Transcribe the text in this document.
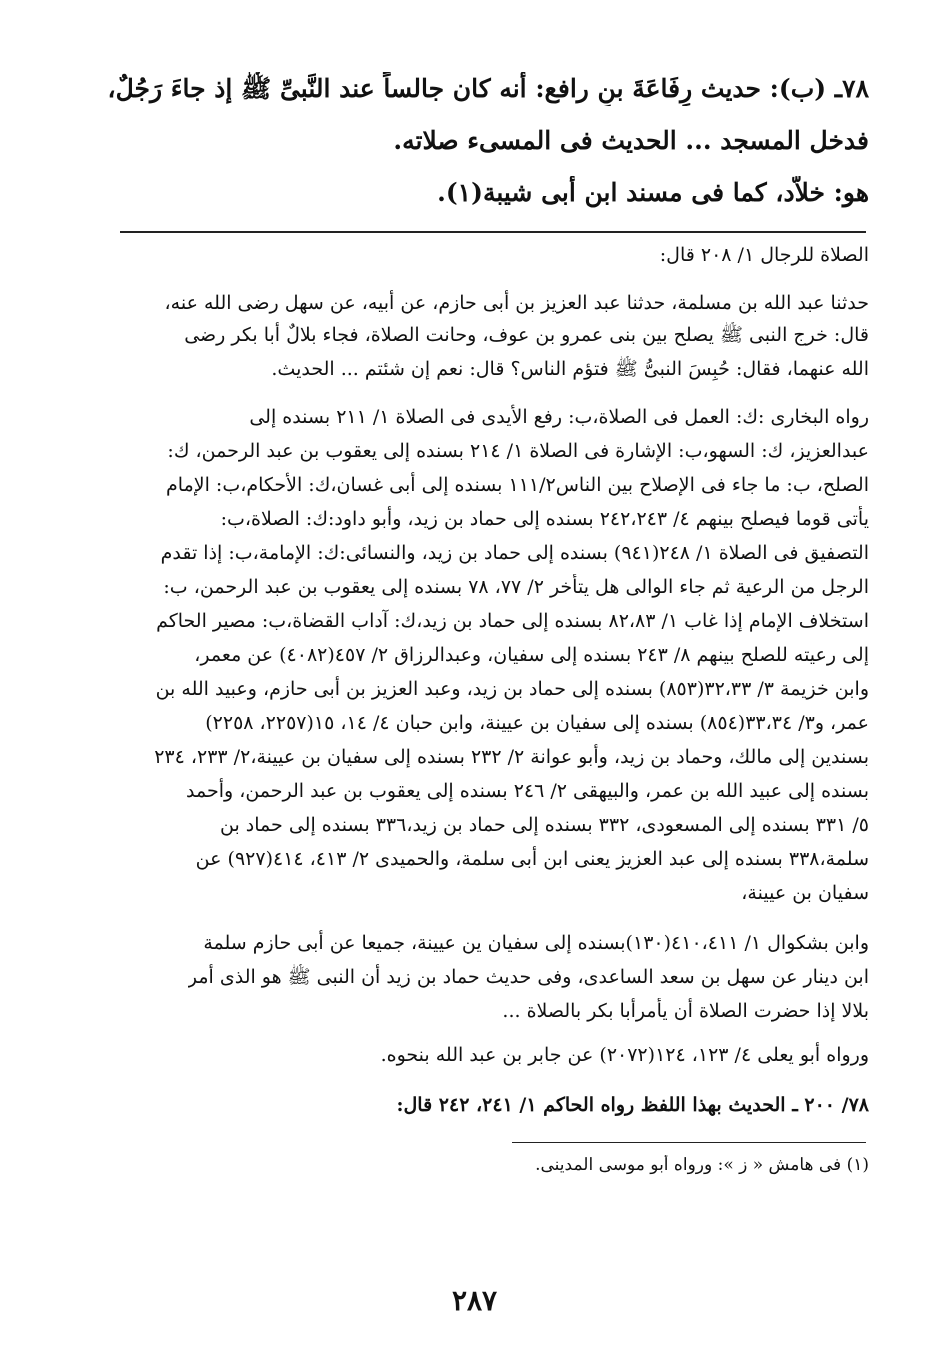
٧٨ـ (ب): حديث رِفَاعَةَ بنِ رافع: أنه كان جالساً عند النَّبىِّ ﷺ إذ جاءَ رَجُلٌ،
فدخل المسجد ... الحديث فى المسىء صلاته.
هو: خلاَّد، كما فى مسند ابن أبى شيبة(١).
الصلاة للرجال ١/ ٢٠٨ قال:
حدثنا عبد الله بن مسلمة، حدثنا عبد العزيز بن أبى حازم، عن أبيه، عن سهل رضى الله عنه،
قال: خرج النبى ﷺ يصلح بين بنى عمرو بن عوف، وحانت الصلاة، فجاء بلالٌ أبا بكر رضى
الله عنهما، فقال: حُبِسَ النبىُّ ﷺ فتؤم الناس؟ قال: نعم إن شئتم ... الحديث.
رواه البخارى :ك: العمل فى الصلاة،ب: رفع الأيدى فى الصلاة ١/ ٢١١ بسنده إلى
عبدالعزيز، ك: السهو،ب: الإشارة فى الصلاة ١/ ٢١٤ بسنده إلى يعقوب بن عبد الرحمن، ك:
الصلح، ب: ما جاء فى الإصلاح بين الناس١١١/٢ بسنده إلى أبى غسان،ك: الأحكام،ب: الإمام
يأتى قوما فيصلح بينهم ٤/ ٢٤٢،٢٤٣ بسنده إلى حماد بن زيد، وأبو داود:ك: الصلاة،ب:
التصفيق فى الصلاة ١/ ٢٤٨(٩٤١) بسنده إلى حماد بن زيد، والنسائى:ك: الإمامة،ب: إذا تقدم
الرجل من الرعية ثم جاء الوالى هل يتأخر ٢/ ٧٧، ٧٨ بسنده إلى يعقوب بن عبد الرحمن، ب:
استخلاف الإمام إذا غاب ١/ ٨٢،٨٣ بسنده إلى حماد بن زيد،ك: آداب القضاة،ب: مصير الحاكم
إلى رعيته للصلح بينهم ٨/ ٢٤٣ بسنده إلى سفيان، وعبدالرزاق ٢/ ٤٥٧(٤٠٨٢) عن معمر،
وابن خزيمة ٣/ ٣٢،٣٣(٨٥٣) بسنده إلى حماد بن زيد، وعبد العزيز بن أبى حازم، وعبيد الله بن
عمر، و٣/ ٣٣،٣٤(٨٥٤) بسنده إلى سفيان بن عيينة، وابن حبان ٤/ ١٤، ١٥(٢٢٥٧، ٢٢٥٨)
بسندين إلى مالك، وحماد بن زيد، وأبو عوانة ٢/ ٢٣٢ بسنده إلى سفيان بن عيينة،٢/ ٢٣٣، ٢٣٤
بسنده إلى عبيد الله بن عمر، والبيهقى ٢/ ٢٤٦ بسنده إلى يعقوب بن عبد الرحمن، وأحمد
٥/ ٣٣١ بسنده إلى المسعودى، ٣٣٢ بسنده إلى حماد بن زيد،٣٣٦ بسنده إلى حماد بن
سلمة،٣٣٨ بسنده إلى عبد العزيز يعنى ابن أبى سلمة، والحميدى ٢/ ٤١٣، ٤١٤(٩٢٧) عن
سفيان بن عيينة،
وابن بشكوال ١/ ٤١٠،٤١١(١٣٠)بسنده إلى سفيان ين عيينة، جميعا عن أبى حازم سلمة
ابن دينار عن سهل بن سعد الساعدى، وفى حديث حماد بن زيد أن النبى ﷺ هو الذى أمر
بلالا إذا حضرت الصلاة أن يأمرأبا بكر بالصلاة ...
ورواه أبو يعلى ٤/ ١٢٣، ١٢٤(٢٠٧٢) عن جابر بن عبد الله بنحوه.
٧٨/ ٢٠٠ ـ الحديث بهذا اللفظ رواه الحاكم ١/ ٢٤١، ٢٤٢ قال:
(١) فى هامش « ز »: ورواه أبو موسى المدينى.
٢٨٧
